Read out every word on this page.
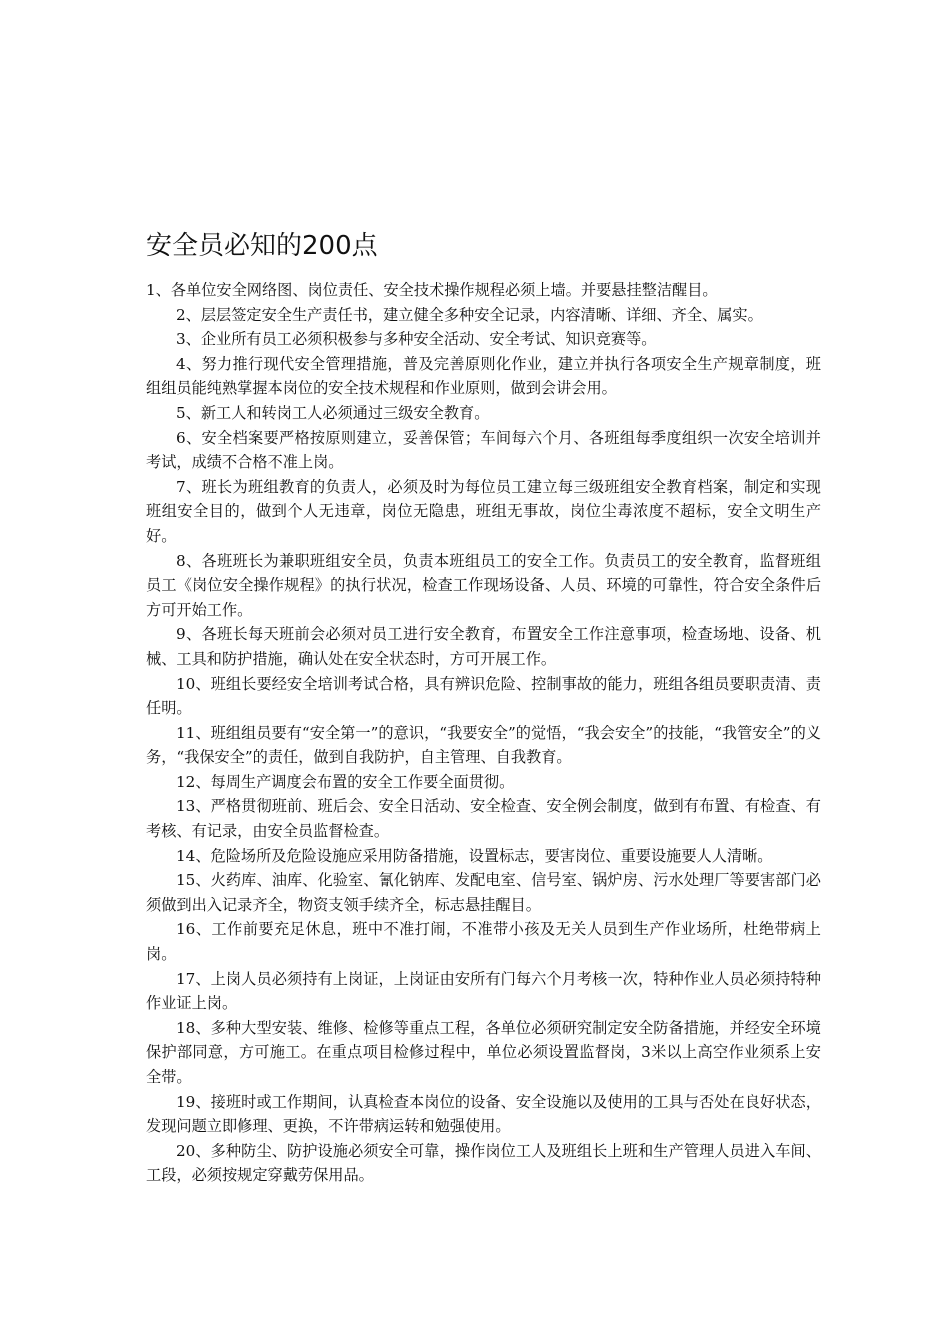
安全员必知的200点

1、各单位安全网络图、岗位责任、安全技术操作规程必须上墙。并要悬挂整洁醒目。

2、层层签定安全生产责任书，建立健全多种安全记录，内容清晰、详细、齐全、属实。

3、企业所有员工必须积极参与多种安全活动、安全考试、知识竞赛等。

4、努力推行现代安全管理措施，普及完善原则化作业，建立并执行各项安全生产规章制度，班组组员能纯熟掌握本岗位的安全技术规程和作业原则，做到会讲会用。

5、新工人和转岗工人必须通过三级安全教育。

6、安全档案要严格按原则建立，妥善保管；车间每六个月、各班组每季度组织一次安全培训并考试，成绩不合格不准上岗。

7、班长为班组教育的负责人，必须及时为每位员工建立每三级班组安全教育档案，制定和实现班组安全目的，做到个人无违章，岗位无隐患，班组无事故，岗位尘毒浓度不超标，安全文明生产好。

8、各班班长为兼职班组安全员，负责本班组员工的安全工作。负责员工的安全教育，监督班组员工《岗位安全操作规程》的执行状况，检查工作现场设备、人员、环境的可靠性，符合安全条件后方可开始工作。

9、各班长每天班前会必须对员工进行安全教育，布置安全工作注意事项，检查场地、设备、机械、工具和防护措施，确认处在安全状态时，方可开展工作。

10、班组长要经安全培训考试合格，具有辨识危险、控制事故的能力，班组各组员要职责清、责任明。

11、班组组员要有“安全第一”的意识，“我要安全”的觉悟，“我会安全”的技能，“我管安全”的义务，“我保安全”的责任，做到自我防护，自主管理、自我教育。

12、每周生产调度会布置的安全工作要全面贯彻。

13、严格贯彻班前、班后会、安全日活动、安全检查、安全例会制度，做到有布置、有检查、有考核、有记录，由安全员监督检查。

14、危险场所及危险设施应采用防备措施，设置标志，要害岗位、重要设施要人人清晰。

15、火药库、油库、化验室、氰化钠库、发配电室、信号室、锅炉房、污水处理厂等要害部门必须做到出入记录齐全，物资支领手续齐全，标志悬挂醒目。

16、工作前要充足休息，班中不准打闹，不准带小孩及无关人员到生产作业场所，杜绝带病上岗。

17、上岗人员必须持有上岗证，上岗证由安所有门每六个月考核一次，特种作业人员必须持特种作业证上岗。

18、多种大型安装、维修、检修等重点工程，各单位必须研究制定安全防备措施，并经安全环境保护部同意，方可施工。在重点项目检修过程中，单位必须设置监督岗，3米以上高空作业须系上安全带。

19、接班时或工作期间，认真检查本岗位的设备、安全设施以及使用的工具与否处在良好状态，发现问题立即修理、更换，不许带病运转和勉强使用。

20、多种防尘、防护设施必须安全可靠，操作岗位工人及班组长上班和生产管理人员进入车间、工段，必须按规定穿戴劳保用品。
